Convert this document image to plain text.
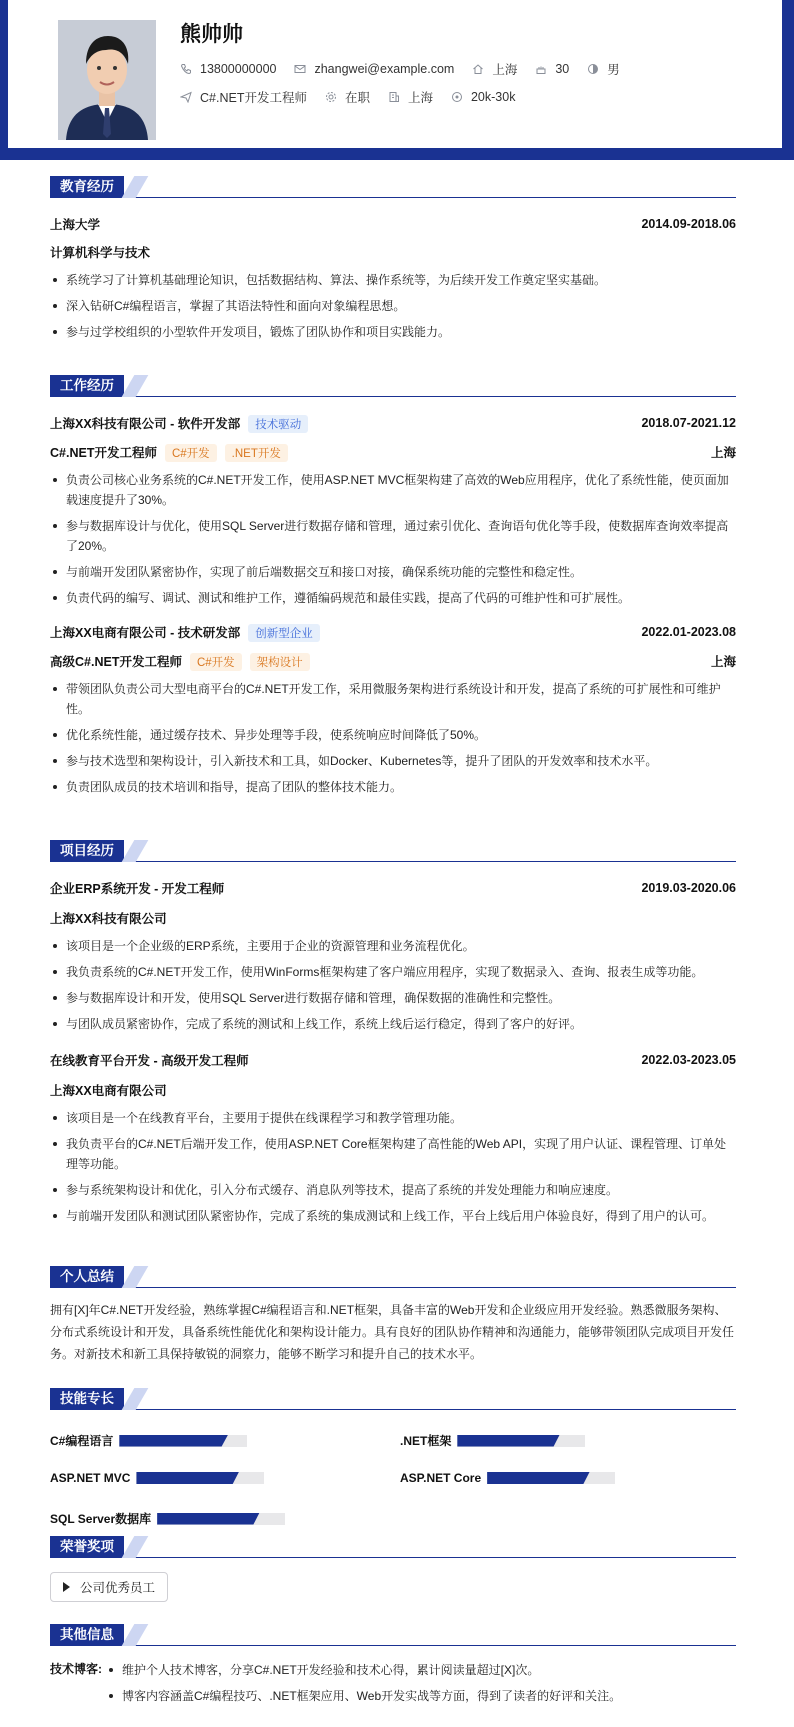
熊帅帅
13800000000	zhangwei@example.com	上海	30	男
C#.NET开发工程师	在职	上海	20k-30k
教育经历
上海大学	2014.09-2018.06
计算机科学与技术
系统学习了计算机基础理论知识，包括数据结构、算法、操作系统等，为后续开发工作奠定坚实基础。
深入钻研C#编程语言，掌握了其语法特性和面向对象编程思想。
参与过学校组织的小型软件开发项目，锻炼了团队协作和项目实践能力。
工作经历
上海XX科技有限公司 - 软件开发部 技术驱动	2018.07-2021.12
C#.NET开发工程师 C#开发 .NET开发	上海
负责公司核心业务系统的C#.NET开发工作，使用ASP.NET MVC框架构建了高效的Web应用程序，优化了系统性能，使页面加载速度提升了30%。
参与数据库设计与优化，使用SQL Server进行数据存储和管理，通过索引优化、查询语句优化等手段，使数据库查询效率提高了20%。
与前端开发团队紧密协作，实现了前后端数据交互和接口对接，确保系统功能的完整性和稳定性。
负责代码的编写、调试、测试和维护工作，遵循编码规范和最佳实践，提高了代码的可维护性和可扩展性。
上海XX电商有限公司 - 技术研发部 创新型企业	2022.01-2023.08
高级C#.NET开发工程师 C#开发 架构设计	上海
带领团队负责公司大型电商平台的C#.NET开发工作，采用微服务架构进行系统设计和开发，提高了系统的可扩展性和可维护性。
优化系统性能，通过缓存技术、异步处理等手段，使系统响应时间降低了50%。
参与技术选型和架构设计，引入新技术和工具，如Docker、Kubernetes等，提升了团队的开发效率和技术水平。
负责团队成员的技术培训和指导，提高了团队的整体技术能力。
项目经历
企业ERP系统开发 - 开发工程师	2019.03-2020.06
上海XX科技有限公司
该项目是一个企业级的ERP系统，主要用于企业的资源管理和业务流程优化。
我负责系统的C#.NET开发工作，使用WinForms框架构建了客户端应用程序，实现了数据录入、查询、报表生成等功能。
参与数据库设计和开发，使用SQL Server进行数据存储和管理，确保数据的准确性和完整性。
与团队成员紧密协作，完成了系统的测试和上线工作，系统上线后运行稳定，得到了客户的好评。
在线教育平台开发 - 高级开发工程师	2022.03-2023.05
上海XX电商有限公司
该项目是一个在线教育平台，主要用于提供在线课程学习和教学管理功能。
我负责平台的C#.NET后端开发工作，使用ASP.NET Core框架构建了高性能的Web API，实现了用户认证、课程管理、订单处理等功能。
参与系统架构设计和优化，引入分布式缓存、消息队列等技术，提高了系统的并发处理能力和响应速度。
与前端开发团队和测试团队紧密协作，完成了系统的集成测试和上线工作，平台上线后用户体验良好，得到了用户的认可。
个人总结
拥有[X]年C#.NET开发经验，熟练掌握C#编程语言和.NET框架，具备丰富的Web开发和企业级应用开发经验。熟悉微服务架构、分布式系统设计和开发，具备系统性能优化和架构设计能力。具有良好的团队协作精神和沟通能力，能够带领团队完成项目开发任务。对新技术和新工具保持敏锐的洞察力，能够不断学习和提升自己的技术水平。
技能专长
C#编程语言	.NET框架
ASP.NET MVC	ASP.NET Core
SQL Server数据库
荣誉奖项
公司优秀员工
其他信息
技术博客:	维护个人技术博客，分享C#.NET开发经验和技术心得，累计阅读量超过[X]次。
博客内容涵盖C#编程技巧、.NET框架应用、Web开发实战等方面，得到了读者的好评和关注。
